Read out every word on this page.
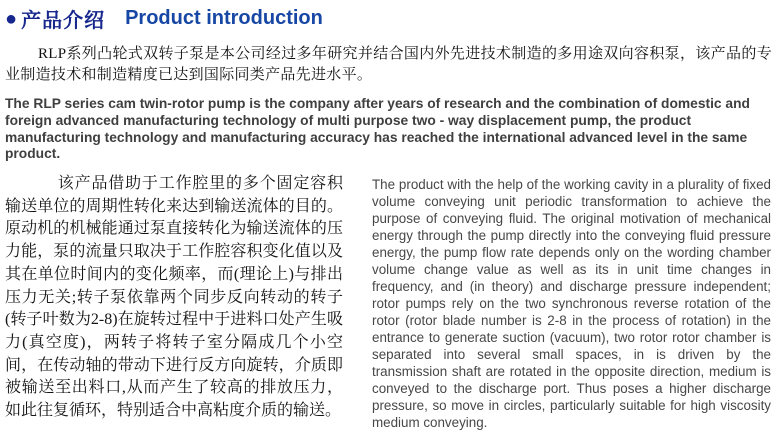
● 产品介绍 Product introduction

RLP系列凸轮式双转子泵是本公司经过多年研究并结合国内外先进技术制造的多用途双向容积泵，该产品的专业制造技术和制造精度已达到国际同类产品先进水平。

The RLP series cam twin-rotor pump is the company after years of research and the combination of domestic and foreign advanced manufacturing technology of multi purpose two - way displacement pump, the product manufacturing technology and manufacturing accuracy has reached the international advanced level in the same product.

该产品借助于工作腔里的多个固定容积输送单位的周期性转化来达到输送流体的目的。原动机的机械能通过泵直接转化为输送流体的压力能，泵的流量只取决于工作腔容积变化值以及其在单位时间内的变化频率，而(理论上)与排出压力无关;转子泵依靠两个同步反向转动的转子(转子叶数为2-8)在旋转过程中于进料口处产生吸力(真空度)，两转子将转子室分隔成几个小空间，在传动轴的带动下进行反方向旋转，介质即被输送至出料口,从而产生了较高的排放压力，如此往复循环，特别适合中高粘度介质的输送。

The product with the help of the working cavity in a plurality of fixed volume conveying unit periodic transformation to achieve the purpose of conveying fluid. The original motivation of mechanical energy through the pump directly into the conveying fluid pressure energy, the pump flow rate depends only on the wording chamber volume change value as well as its in unit time changes in frequency, and (in theory) and discharge pressure independent; rotor pumps rely on the two synchronous reverse rotation of the rotor (rotor blade number is 2-8 in the process of rotation) in the entrance to generate suction (vacuum), two rotor rotor chamber is separated into several small spaces, in is driven by the transmission shaft are rotated in the opposite direction, medium is conveyed to the discharge port. Thus poses a higher discharge pressure, so move in circles, particularly suitable for high viscosity medium conveying.
